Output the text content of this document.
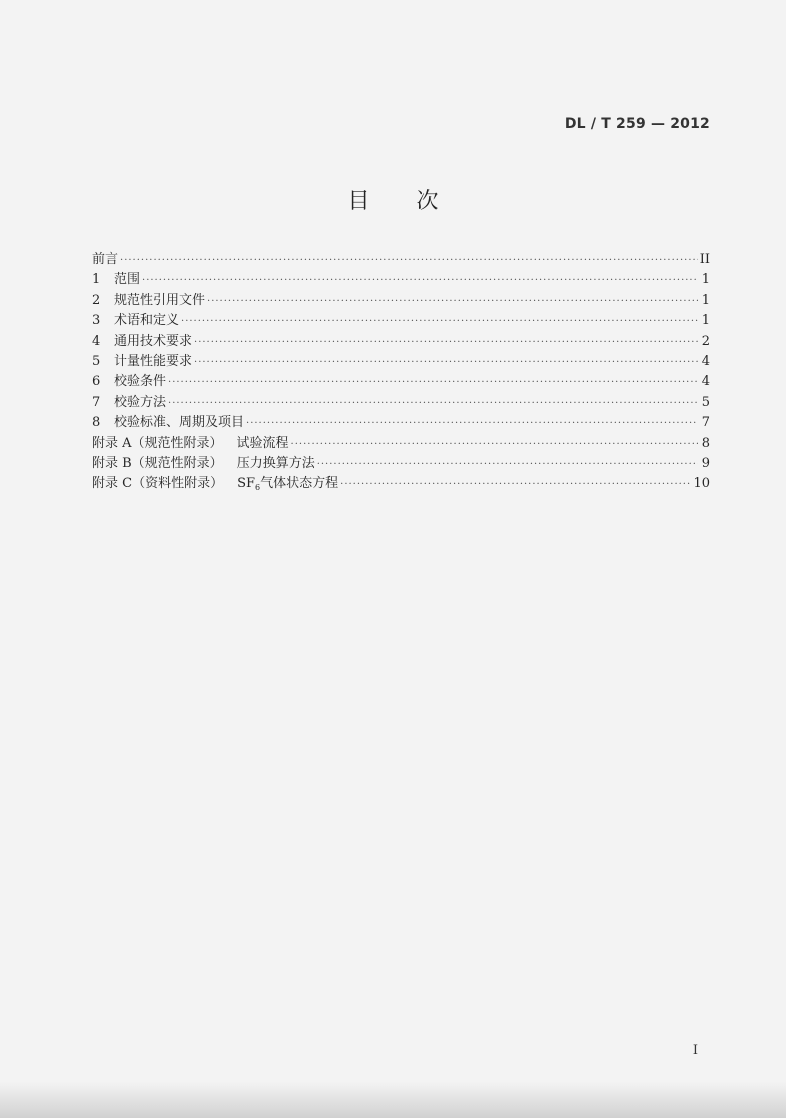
DL / T 259 — 2012
目 次
前言 ·····	II
1	范围 ·····	1
2	规范性引用文件 ·····	1
3	术语和定义 ·····	1
4	通用技术要求 ·····	2
5	计量性能要求 ·····	4
6	校验条件 ·····	4
7	校验方法 ·····	5
8	校验标准、周期及项目 ·····	7
附录 A（规范性附录） 试验流程 ·····	8
附录 B（规范性附录） 压力换算方法 ·····	9
附录 C（资料性附录） $SF_6$气体状态方程 ·····	10
I
